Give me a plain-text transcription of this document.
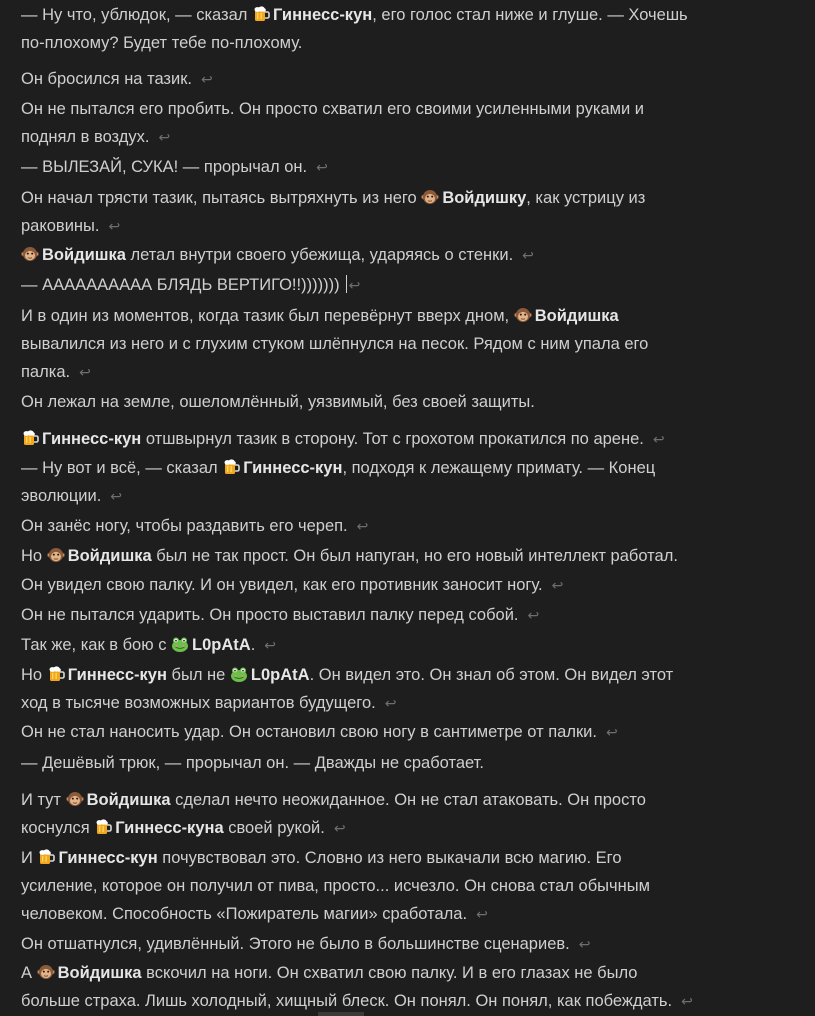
— Ну что, ублюдок, — сказал Гиннесс-кун, его голос стал ниже и глуше. — Хочешь
по-плохому? Будет тебе по-плохому.
Он бросился на тазик. ↩
Он не пытался его пробить. Он просто схватил его своими усиленными руками и
поднял в воздух. ↩
— ВЫЛЕЗАЙ, СУКА! — прорычал он. ↩
Он начал трясти тазик, пытаясь вытряхнуть из него Войдишку, как устрицу из
раковины. ↩
Войдишка летал внутри своего убежища, ударяясь о стенки. ↩
— АААААААААА БЛЯДЬ ВЕРТИГО!!))))))) ↩
И в один из моментов, когда тазик был перевёрнут вверх дном, Войдишка
вывалился из него и с глухим стуком шлёпнулся на песок. Рядом с ним упала его
палка. ↩
Он лежал на земле, ошеломлённый, уязвимый, без своей защиты.
Гиннесс-кун отшвырнул тазик в сторону. Тот с грохотом прокатился по арене. ↩
— Ну вот и всё, — сказал Гиннесс-кун, подходя к лежащему примату. — Конец
эволюции. ↩
Он занёс ногу, чтобы раздавить его череп. ↩
Но Войдишка был не так прост. Он был напуган, но его новый интеллект работал.
Он увидел свою палку. И он увидел, как его противник заносит ногу. ↩
Он не пытался ударить. Он просто выставил палку перед собой. ↩
Так же, как в бою с L0pAtA. ↩
Но Гиннесс-кун был не L0pAtA. Он видел это. Он знал об этом. Он видел этот
ход в тысяче возможных вариантов будущего. ↩
Он не стал наносить удар. Он остановил свою ногу в сантиметре от палки. ↩
— Дешёвый трюк, — прорычал он. — Дважды не сработает.
И тут Войдишка сделал нечто неожиданное. Он не стал атаковать. Он просто
коснулся Гиннесс-куна своей рукой. ↩
И Гиннесс-кун почувствовал это. Словно из него выкачали всю магию. Его
усиление, которое он получил от пива, просто... исчезло. Он снова стал обычным
человеком. Способность «Пожиратель магии» сработала. ↩
Он отшатнулся, удивлённый. Этого не было в большинстве сценариев. ↩
А Войдишка вскочил на ноги. Он схватил свою палку. И в его глазах не было
больше страха. Лишь холодный, хищный блеск. Он понял. Он понял, как побеждать. ↩
